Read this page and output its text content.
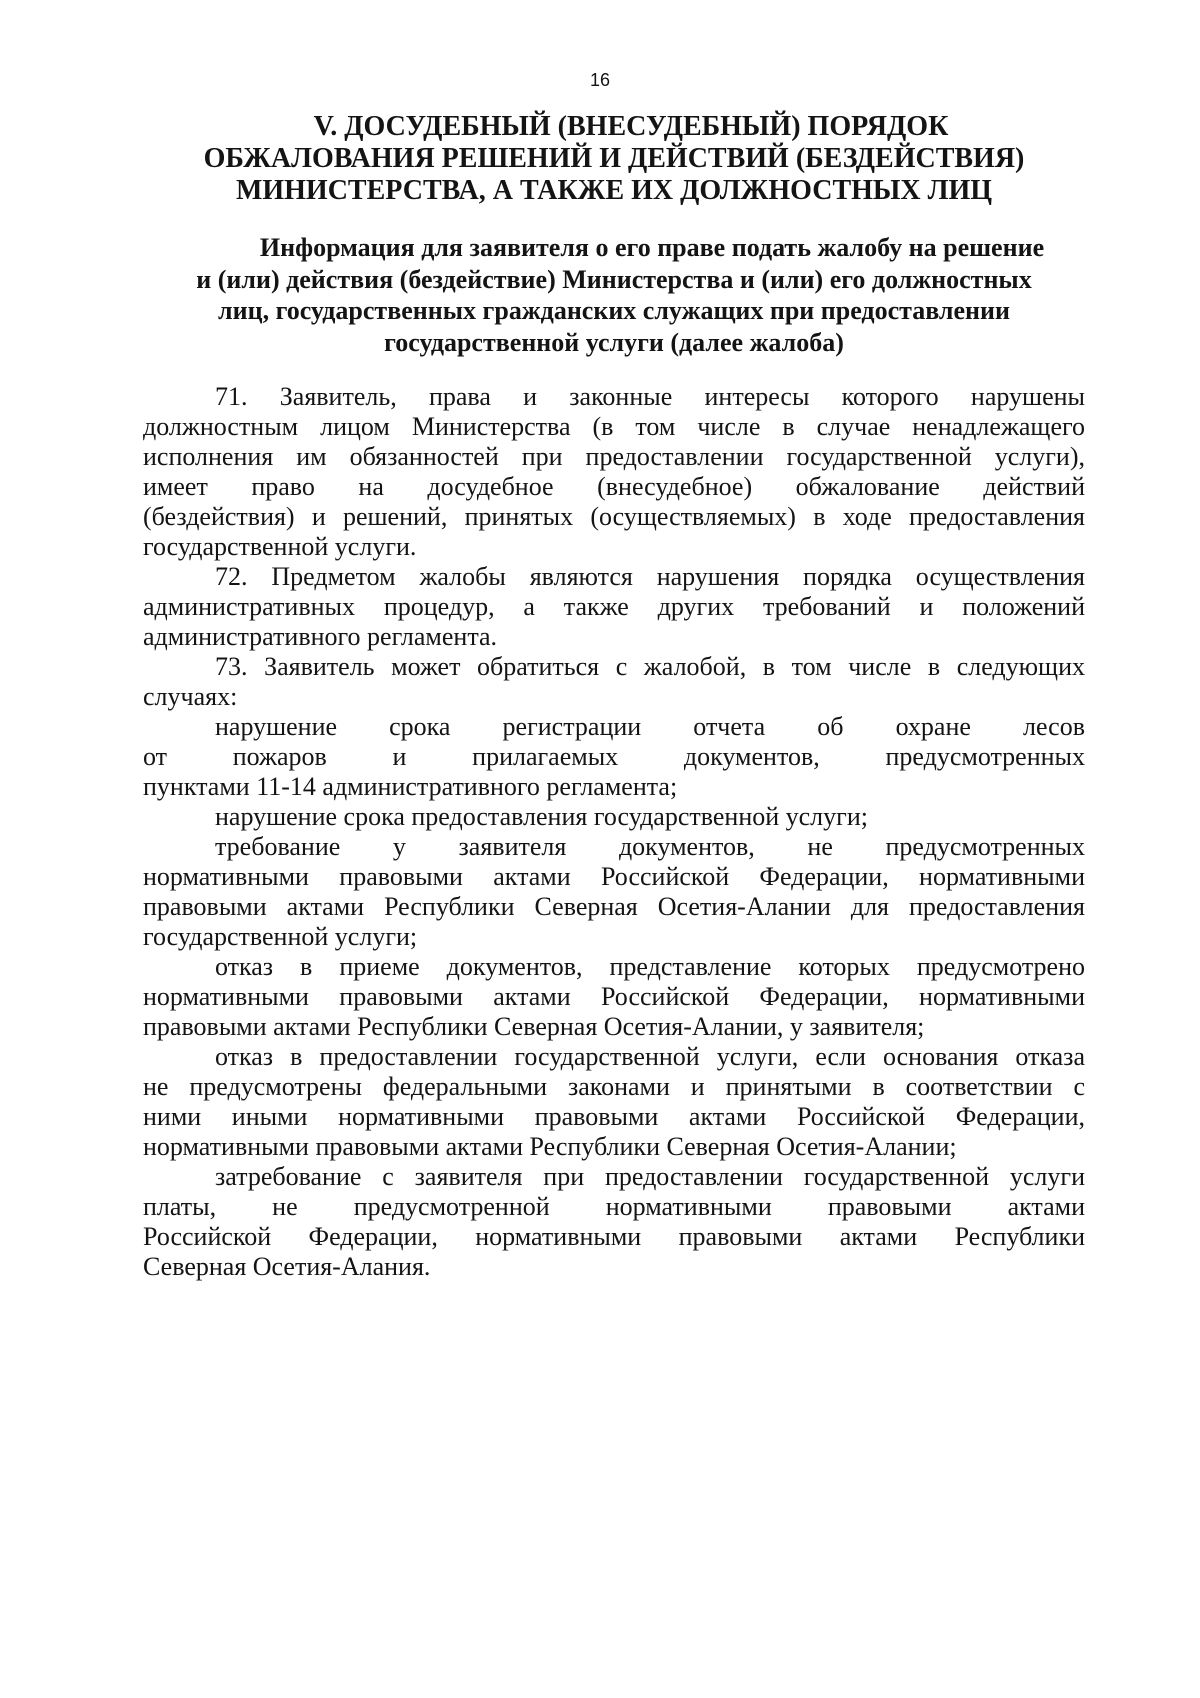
16
V. ДОСУДЕБНЫЙ (ВНЕСУДЕБНЫЙ) ПОРЯДОК
ОБЖАЛОВАНИЯ РЕШЕНИЙ И ДЕЙСТВИЙ (БЕЗДЕЙСТВИЯ)
МИНИСТЕРСТВА, А ТАКЖЕ ИХ ДОЛЖНОСТНЫХ ЛИЦ
Информация для заявителя о его праве подать жалобу на решение
и (или) действия (бездействие) Министерства и (или) его должностных
лиц, государственных гражданских служащих при предоставлении
государственной услуги (далее жалоба)
71. Заявитель, права и законные интересы которого нарушены
должностным лицом Министерства (в том числе в случае ненадлежащего
исполнения им обязанностей при предоставлении государственной услуги),
имеет право на досудебное (внесудебное) обжалование действий
(бездействия) и решений, принятых (осуществляемых) в ходе предоставления
государственной услуги.
72. Предметом жалобы являются нарушения порядка осуществления
административных процедур, а также других требований и положений
административного регламента.
73. Заявитель может обратиться с жалобой, в том числе в следующих
случаях:
нарушение срока регистрации отчета об охране лесов
от пожаров и прилагаемых документов, предусмотренных
пунктами 11-14 административного регламента;
нарушение срока предоставления государственной услуги;
требование у заявителя документов, не предусмотренных
нормативными правовыми актами Российской Федерации, нормативными
правовыми актами Республики Северная Осетия-Алании для предоставления
государственной услуги;
отказ в приеме документов, представление которых предусмотрено
нормативными правовыми актами Российской Федерации, нормативными
правовыми актами Республики Северная Осетия-Алании, у заявителя;
отказ в предоставлении государственной услуги, если основания отказа
не предусмотрены федеральными законами и принятыми в соответствии с
ними иными нормативными правовыми актами Российской Федерации,
нормативными правовыми актами Республики Северная Осетия-Алании;
затребование с заявителя при предоставлении государственной услуги
платы, не предусмотренной нормативными правовыми актами
Российской Федерации, нормативными правовыми актами Республики
Северная Осетия-Алания.
